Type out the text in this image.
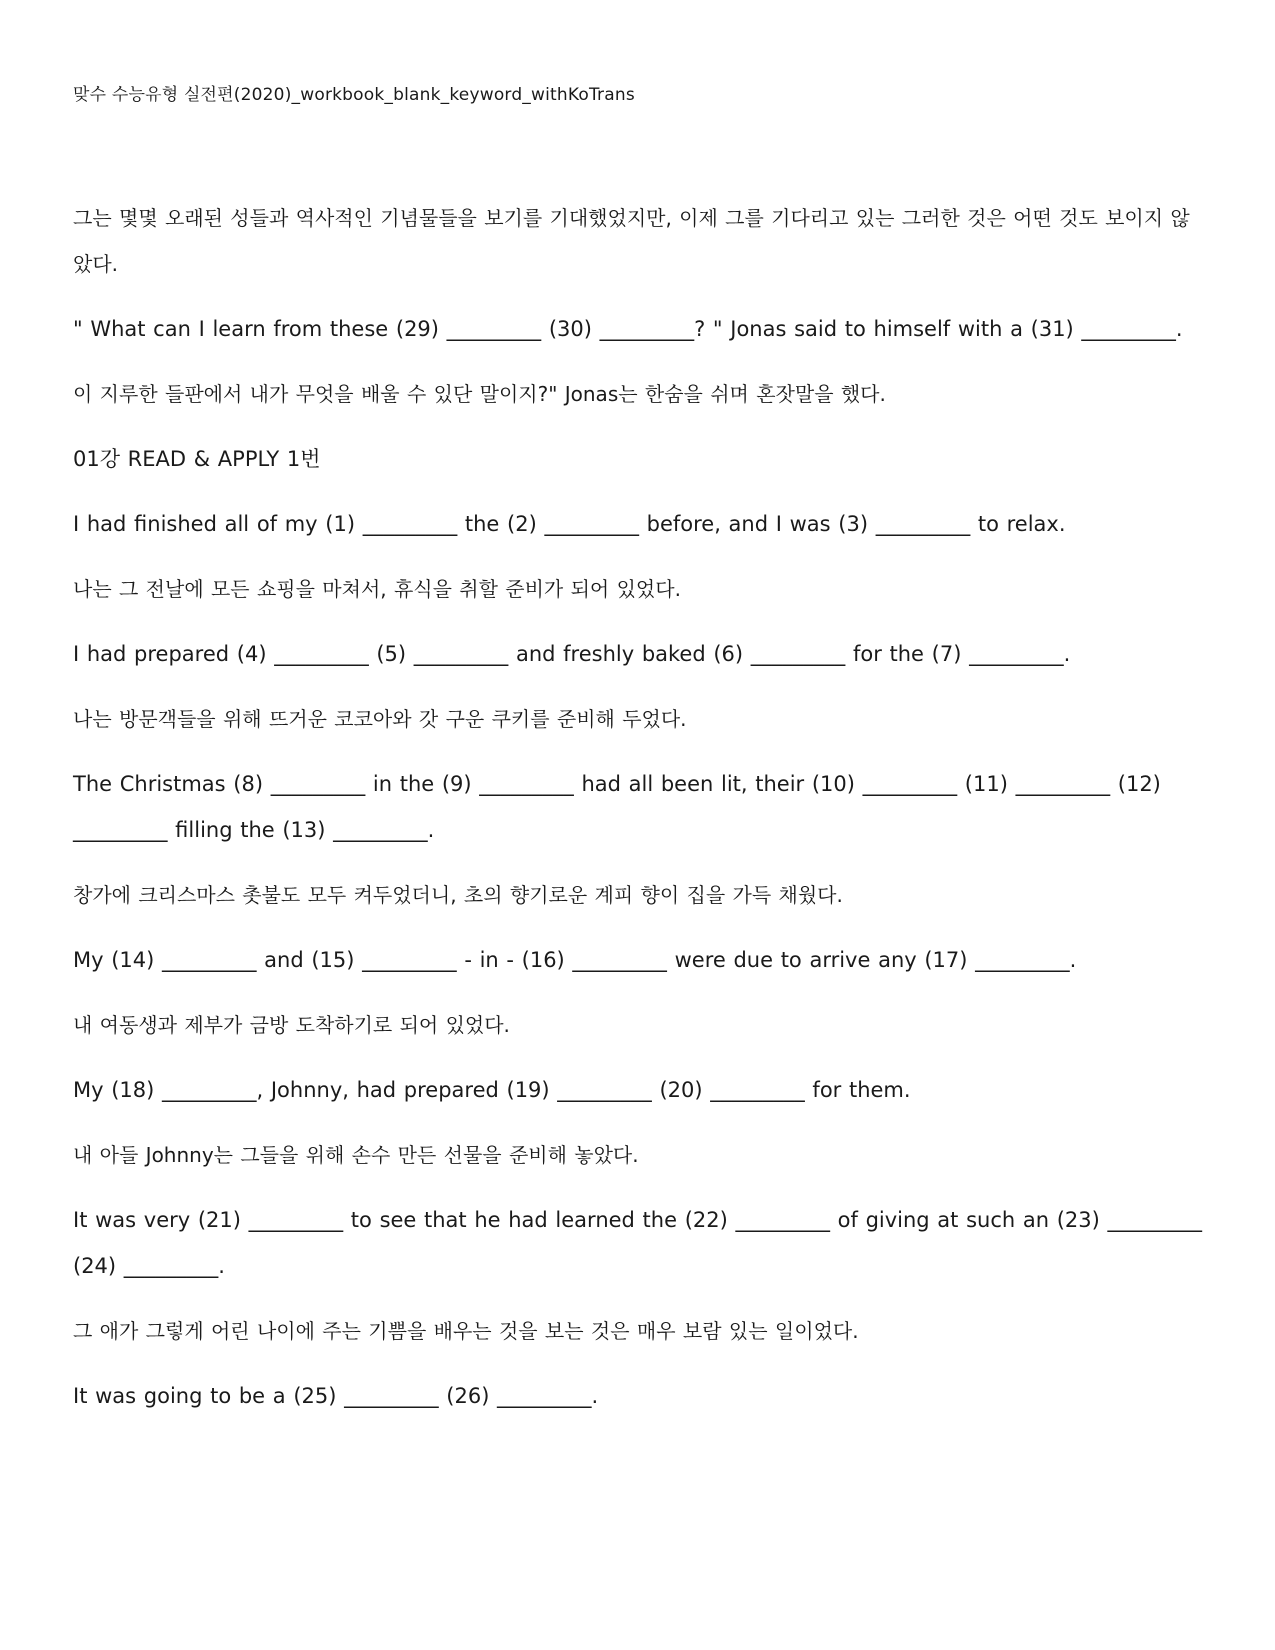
맞수 수능유형 실전편(2020)_workbook_blank_keyword_withKoTrans

그는 몇몇 오래된 성들과 역사적인 기념물들을 보기를 기대했었지만, 이제 그를 기다리고 있는 그러한 것은 어떤 것도 보이지 않았다.

" What can I learn from these (29) _________ (30) _________? " Jonas said to himself with a (31) _________.

이 지루한 들판에서 내가 무엇을 배울 수 있단 말이지?" Jonas는 한숨을 쉬며 혼잣말을 했다.

01강 READ & APPLY 1번

I had finished all of my (1) _________ the (2) _________ before, and I was (3) _________ to relax.

나는 그 전날에 모든 쇼핑을 마쳐서, 휴식을 취할 준비가 되어 있었다.

I had prepared (4) _________ (5) _________ and freshly baked (6) _________ for the (7) _________.

나는 방문객들을 위해 뜨거운 코코아와 갓 구운 쿠키를 준비해 두었다.

The Christmas (8) _________ in the (9) _________ had all been lit, their (10) _________ (11) _________ (12) _________ filling the (13) _________.

창가에 크리스마스 촛불도 모두 켜두었더니, 초의 향기로운 계피 향이 집을 가득 채웠다.

My (14) _________ and (15) _________ - in - (16) _________ were due to arrive any (17) _________.

내 여동생과 제부가 금방 도착하기로 되어 있었다.

My (18) _________, Johnny, had prepared (19) _________ (20) _________ for them.

내 아들 Johnny는 그들을 위해 손수 만든 선물을 준비해 놓았다.

It was very (21) _________ to see that he had learned the (22) _________ of giving at such an (23) _________ (24) _________.

그 애가 그렇게 어린 나이에 주는 기쁨을 배우는 것을 보는 것은 매우 보람 있는 일이었다.

It was going to be a (25) _________ (26) _________.
